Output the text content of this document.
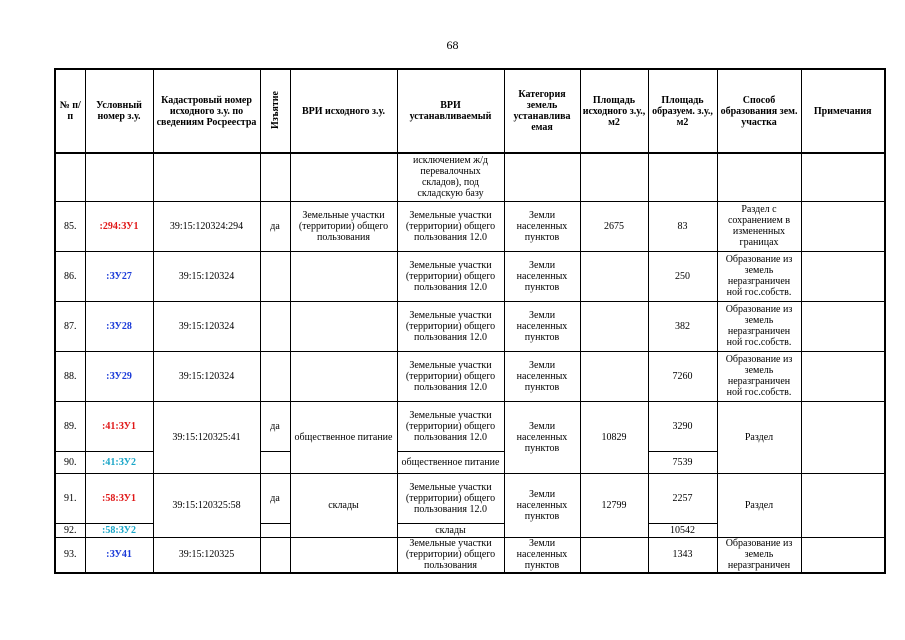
68
№ п/п	Условный номер з.у.	Кадастровый номер исходного з.у. по сведениям Росреестра	Изъятие	ВРИ исходного з.у.	ВРИ устанавливаемый	Категория земель устанавлива емая	Площадь исходного з.у., м2	Площадь образуем. з.у., м2	Способ образования зем. участка	Примечания
					исключением ж/д перевалочных складов), под складскую базу					
85.	:294:ЗУ1	39:15:120324:294	да	Земельные участки (территории) общего пользования	Земельные участки (территории) общего пользования 12.0	Земли населенных пунктов	2675	83	Раздел с сохранением в измененных границах	
86.	:ЗУ27	39:15:120324			Земельные участки (территории) общего пользования 12.0	Земли населенных пунктов		250	Образование из земель неразграничен ной гос.собств.	
87.	:ЗУ28	39:15:120324			Земельные участки (территории) общего пользования 12.0	Земли населенных пунктов		382	Образование из земель неразграничен ной гос.собств.	
88.	:ЗУ29	39:15:120324			Земельные участки (территории) общего пользования 12.0	Земли населенных пунктов		7260	Образование из земель неразграничен ной гос.собств.	
89.	:41:ЗУ1	39:15:120325:41	да	общественное питание	Земельные участки (территории) общего пользования 12.0	Земли населенных пунктов	10829	3290	Раздел	
90.	:41:ЗУ2				общественное питание			7539		
91.	:58:ЗУ1	39:15:120325:58	да	склады	Земельные участки (территории) общего пользования 12.0	Земли населенных пунктов	12799	2257	Раздел	
92.	:58:ЗУ2				склады			10542		
93.	:ЗУ41	39:15:120325			Земельные участки (территории) общего пользования	Земли населенных пунктов		1343	Образование из земель неразграничен	
